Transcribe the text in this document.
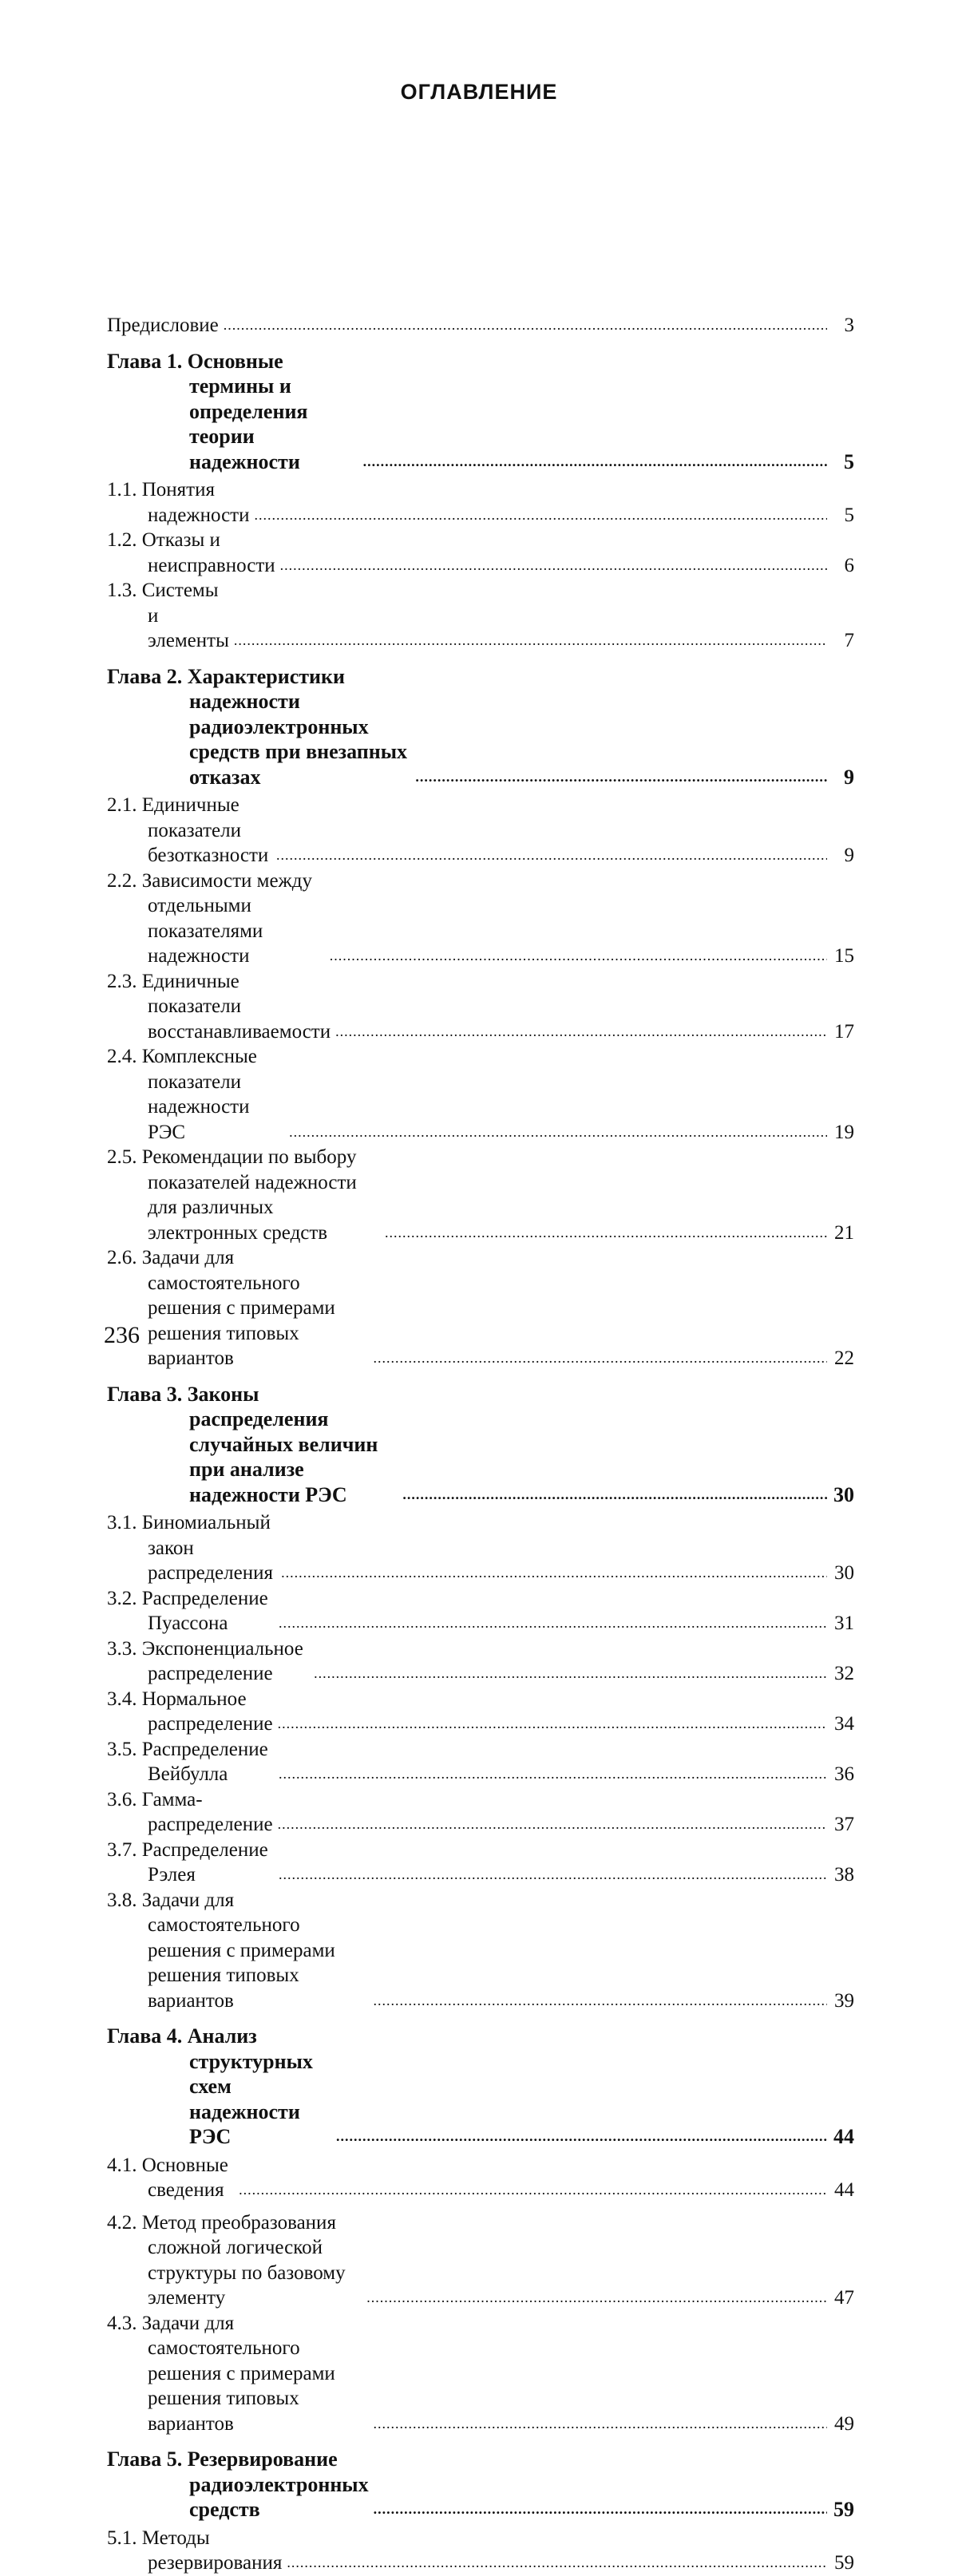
ОГЛАВЛЕНИЕ
Предисловие .....	3
Глава 1. Основные термины и определения теории надежности .....	5
1.1. Понятия надежности .....	5
1.2. Отказы и неисправности .....	6
1.3. Системы и элементы .....	7
Глава 2. Характеристики надежности радиоэлектронных средств при внезапных отказах .....	9
2.1. Единичные показатели безотказности .....	9
2.2. Зависимости между отдельными показателями надежности .....	15
2.3. Единичные показатели восстанавливаемости .....	17
2.4. Комплексные показатели надежности РЭС .....	19
2.5. Рекомендации по выбору показателей надежности для различных электронных средств .....	21
2.6. Задачи для самостоятельного решения с примерами решения типовых вариантов .....	22
Глава 3. Законы распределения случайных величин при анализе надежности РЭС .....	30
3.1. Биномиальный закон распределения .....	30
3.2. Распределение Пуассона .....	31
3.3. Экспоненциальное распределение .....	32
3.4. Нормальное распределение .....	34
3.5. Распределение Вейбулла .....	36
3.6. Гамма-распределение .....	37
3.7. Распределение Рэлея .....	38
3.8. Задачи для самостоятельного решения с примерами решения типовых вариантов .....	39
Глава 4. Анализ структурных схем надежности РЭС .....	44
4.1. Основные сведения .....	44
4.2. Метод преобразования сложной логической структуры по базовому элементу .....	47
4.3. Задачи для самостоятельного решения с примерами решения типовых вариантов .....	49
Глава 5. Резервирование радиоэлектронных средств .....	59
5.1. Методы резервирования .....	59
236
